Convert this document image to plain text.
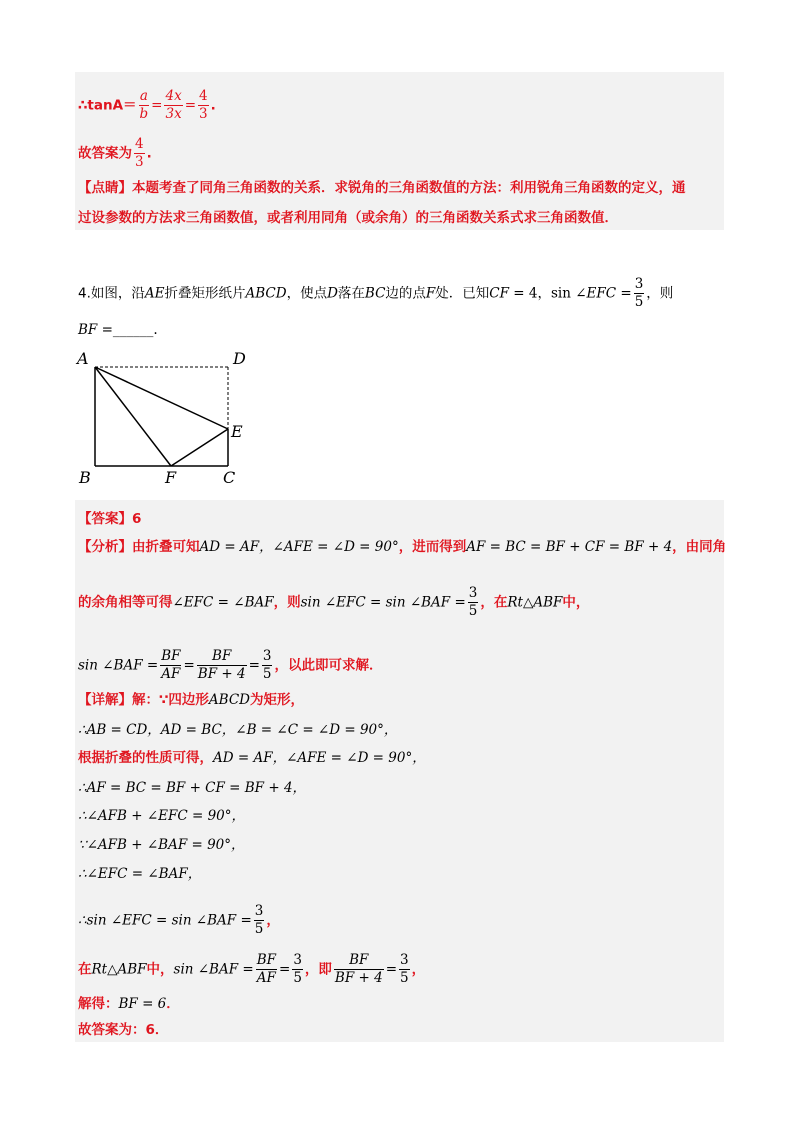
∴tanA＝ $\frac{a}{b} = \frac{4x}{3x} = \frac{4}{3}$ .
故答案为 $\frac{4}{3}$ .
【点睛】本题考查了同角三角函数的关系．求锐角的三角函数值的方法：利用锐角三角函数的定义，通
过设参数的方法求三角函数值，或者利用同角（或余角）的三角函数关系式求三角函数值．
4.如图，沿AE折叠矩形纸片ABCD，使点D落在BC边的点F处．已知CF = 4，sin ∠EFC = $\frac{3}{5}$ ，则
BF =______.
A	D
E
B	F	C
【答案】6
【分析】由折叠可知AD = AF，∠AFE = ∠D = 90°，进而得到AF = BC = BF + CF = BF + 4，由同角
的余角相等可得∠EFC = ∠BAF，则sin ∠EFC = sin ∠BAF = $\frac{3}{5}$ ，在Rt△ABF中，
sin ∠BAF = $\frac{BF}{AF} = \frac{BF}{BF + 4} = \frac{3}{5}$ ，以此即可求解．
【详解】解：∵四边形ABCD为矩形，
∴AB = CD，AD = BC，∠B = ∠C = ∠D = 90°，
根据折叠的性质可得，AD = AF，∠AFE = ∠D = 90°，
∴AF = BC = BF + CF = BF + 4，
∴∠AFB + ∠EFC = 90°，
∵∠AFB + ∠BAF = 90°，
∴∠EFC = ∠BAF，
∴sin ∠EFC = sin ∠BAF = $\frac{3}{5}$ ，
在Rt△ABF中，sin ∠BAF = $\frac{BF}{AF} = \frac{3}{5}$ ，即 $\frac{BF}{BF + 4} = \frac{3}{5}$ ，
解得：BF = 6．
故答案为：6．
